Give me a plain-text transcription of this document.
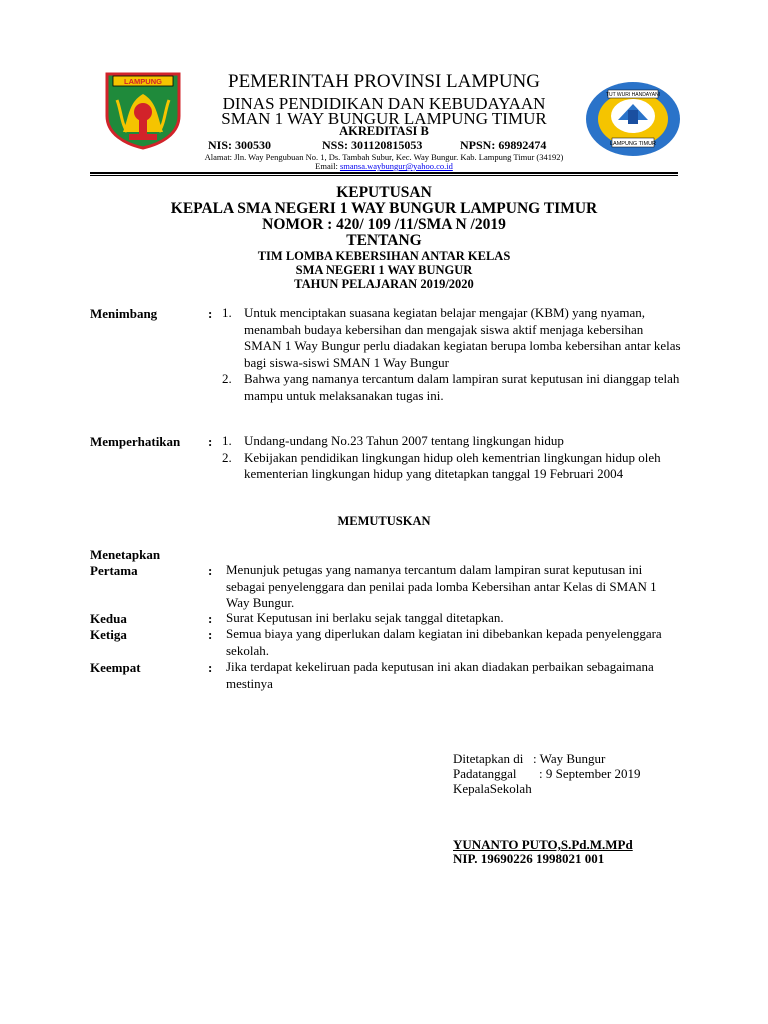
LAMPUNG
TUT WURI HANDAYANI
LAMPUNG TIMUR
PEMERINTAH PROVINSI LAMPUNG
DINAS PENDIDIKAN DAN KEBUDAYAAN
SMAN 1 WAY BUNGUR LAMPUNG TIMUR
AKREDITASI B
NIS: 300530	NSS: 301120815053	NPSN: 69892474
Alamat: Jln. Way Pengubuan No. 1, Ds. Tambah Subur, Kec. Way Bungur. Kab. Lampung Timur (34192)
Email: smansa.waybungur@yahoo.co.id
KEPUTUSAN
KEPALA SMA NEGERI 1 WAY BUNGUR LAMPUNG TIMUR
NOMOR : 420/ 109 /11/SMA N /2019
TENTANG
TIM LOMBA KEBERSIHAN ANTAR KELAS
SMA NEGERI 1 WAY BUNGUR
TAHUN PELAJARAN 2019/2020
Menimbang	: 1. Untuk menciptakan suasana kegiatan belajar mengajar (KBM) yang nyaman, menambah budaya kebersihan dan mengajak siswa aktif menjaga kebersihan SMAN 1 Way Bungur perlu diadakan kegiatan berupa lomba kebersihan antar kelas bagi siswa-siswi SMAN 1 Way Bungur
2. Bahwa yang namanya tercantum dalam lampiran surat keputusan ini dianggap telah mampu untuk melaksanakan tugas ini.
Memperhatikan : 1. Undang-undang No.23 Tahun 2007 tentang lingkungan hidup
2. Kebijakan pendidikan lingkungan hidup oleh kementrian lingkungan hidup oleh kementerian lingkungan hidup yang ditetapkan tanggal 19 Februari 2004
MEMUTUSKAN
Menetapkan
Pertama	: Menunjuk petugas yang namanya tercantum dalam lampiran surat keputusan ini sebagai penyelenggara dan penilai pada lomba Kebersihan antar Kelas di SMAN 1 Way Bungur.
Kedua	: Surat Keputusan ini berlaku sejak tanggal ditetapkan.
Ketiga	: Semua biaya yang diperlukan dalam kegiatan ini dibebankan kepada penyelenggara sekolah.
Keempat	: Jika terdapat kekeliruan pada keputusan ini akan diadakan perbaikan sebagaimana mestinya
Ditetapkan di : Way Bungur
Padatanggal : 9 September 2019
KepalaSekolah
YUNANTO PUTO,S.Pd.M.MPd
NIP. 19690226 1998021 001
